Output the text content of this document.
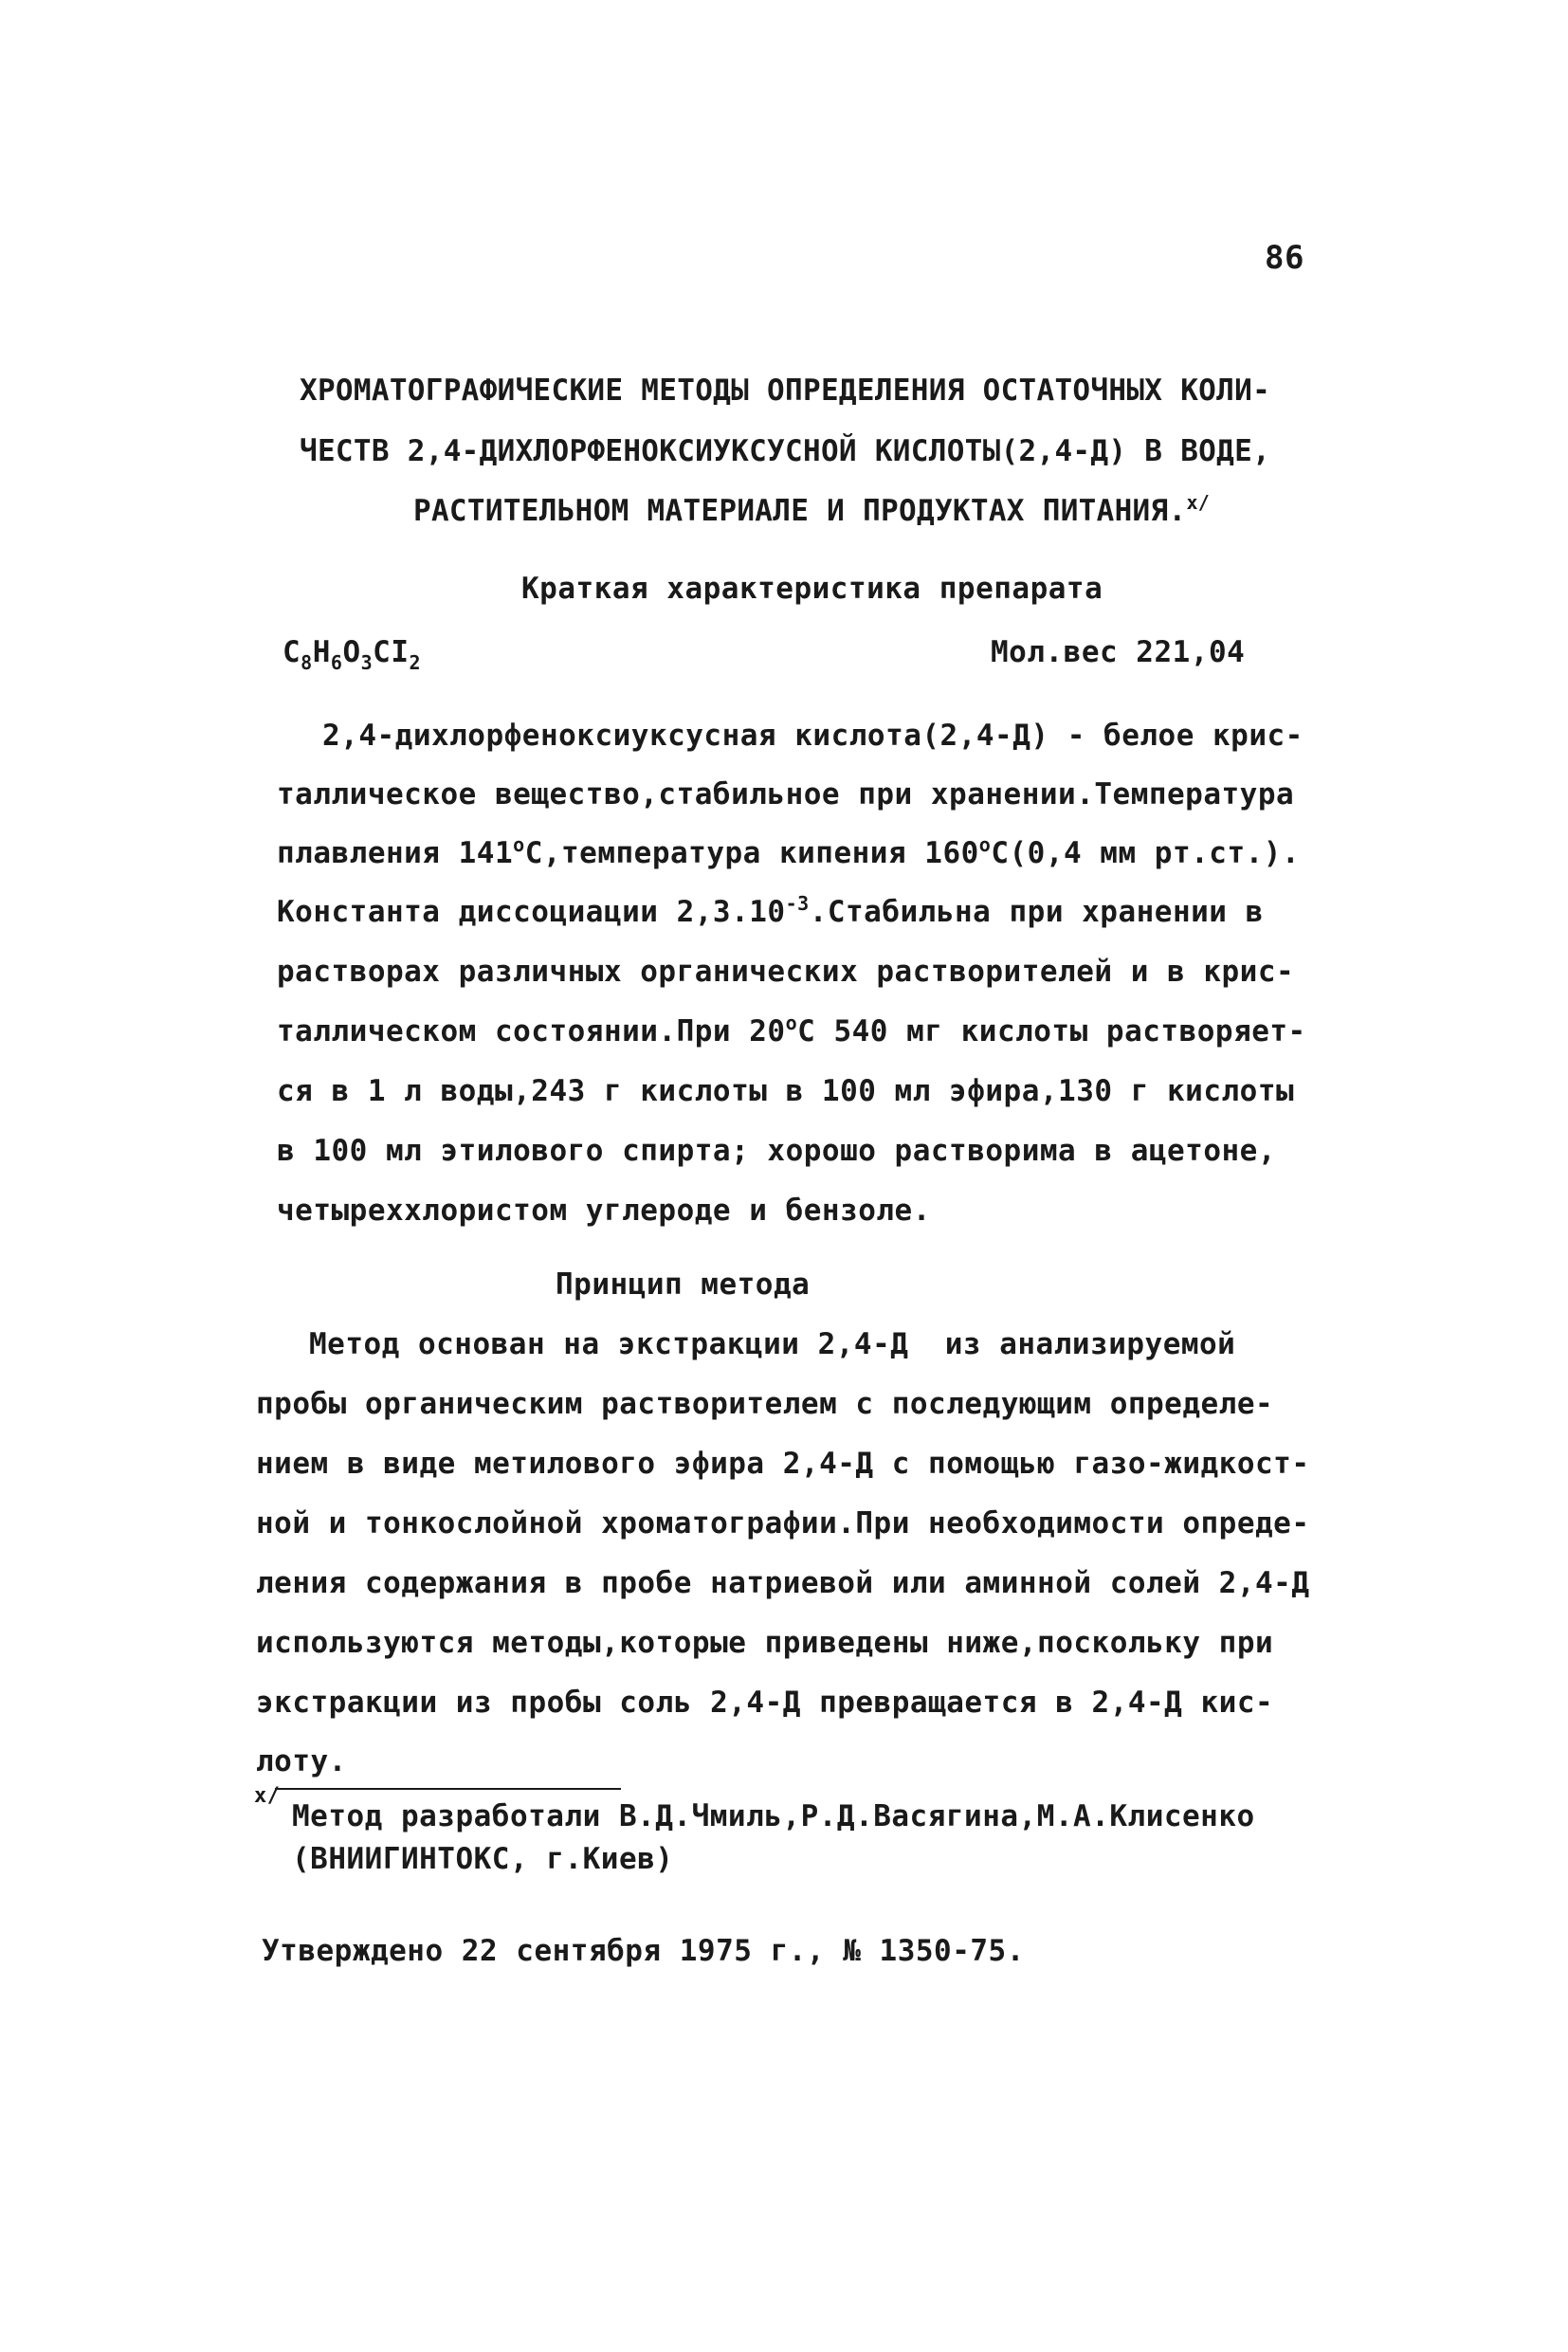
86
ХРОМАТОГРАФИЧЕСКИЕ МЕТОДЫ ОПРЕДЕЛЕНИЯ ОСТАТОЧНЫХ КОЛИ-
ЧЕСТВ 2,4-ДИХЛОРФЕНОКСИУКСУСНОЙ КИСЛОТЫ(2,4-Д) В ВОДЕ,
РАСТИТЕЛЬНОМ МАТЕРИАЛЕ И ПРОДУКТАХ ПИТАНИЯ.$^{х/}$
Краткая характеристика препарата
$C_8H_6O_3CI_2$	Мол.вес 221,04
2,4-дихлорфеноксиуксусная кислота(2,4-Д) - белое крис-
таллическое вещество,стабильное при хранении.Температура
плавления 141$^o$С,температура кипения 160$^o$С(0,4 мм рт.ст.).
Константа диссоциации $2,3.10^{-3}.Стабильна$ при хранении в
растворах различных органических растворителей и в крис-
таллическом состоянии.При 20$^o$С 540 мг кислоты растворяет-
ся в 1 л воды,243 г кислоты в 100 мл эфира,130 г кислоты
в 100 мл этилового спирта; хорошо растворима в ацетоне,
четыреххлористом углероде и бензоле.
Принцип метода
Метод основан на экстракции 2,4-Д  из анализируемой
пробы органическим растворителем с последующим определе-
нием в виде метилового эфира 2,4-Д с помощью газо-жидкост-
ной и тонкослойной хроматографии.При необходимости опреде-
ления содержания в пробе натриевой или аминной солей 2,4-Д
используются методы,которые приведены ниже,поскольку при
экстракции из пробы соль 2,4-Д превращается в 2,4-Д кис-
лоту.
х/
Метод разработали В.Д.Чмиль,Р.Д.Васягина,М.А.Клисенко
(ВНИИГИНТОКС, г.Киев)
Утверждено 22 сентября 1975 г., № 1350-75.
